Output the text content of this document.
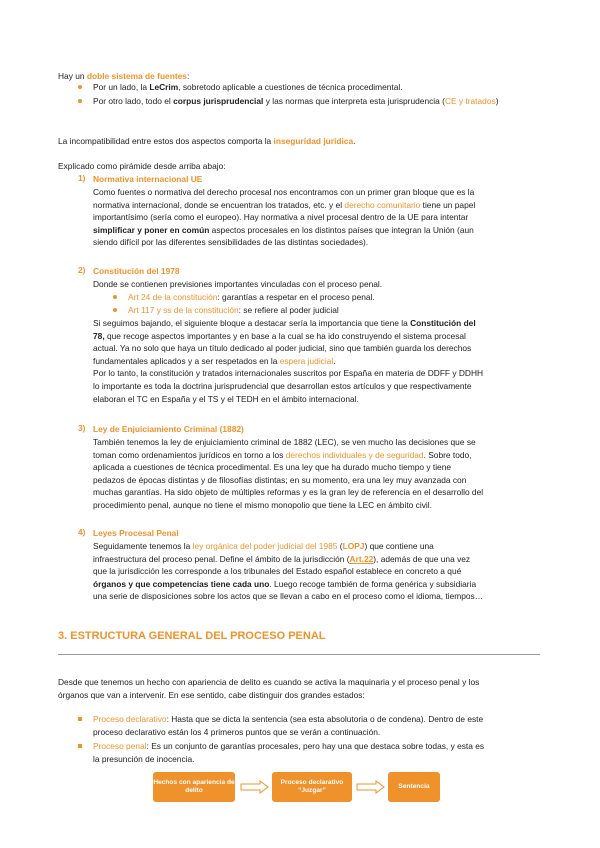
Hay un doble sistema de fuentes:

Por un lado, la LeCrim, sobretodo aplicable a cuestiones de técnica procedimental.

Por otro lado, todo el corpus jurisprudencial y las normas que interpreta esta jurisprudencia (CE y tratados)

La incompatibilidad entre estos dos aspectos comporta la inseguridad jurídica.

Explicado como pirámide desde arriba abajo:

1) Normativa internacional UE

Como fuentes o normativa del derecho procesal nos encontramos con un primer gran bloque que es la

normativa internacional, donde se encuentran los tratados, etc. y el derecho comunitario tiene un papel

importantísimo (sería como el europeo). Hay normativa a nivel procesal dentro de la UE para intentar

simplificar y poner en común aspectos procesales en los distintos países que integran la Unión (aun

siendo difícil por las diferentes sensibilidades de las distintas sociedades).

2) Constitución del 1978

Donde se contienen previsiones importantes vinculadas con el proceso penal.

Art 24 de la constitución: garantías a respetar en el proceso penal.

Art 117 y ss de la constitución: se refiere al poder judicial

Si seguimos bajando, el siguiente bloque a destacar sería la importancia que tiene la Constitución del

78, que recoge aspectos importantes y en base a la cual se ha ido construyendo el sistema procesal

actual. Ya no solo que haya un título dedicado al poder judicial, sino que también guarda los derechos

fundamentales aplicados y a ser respetados en la espera judicial.

Por lo tanto, la constitución y tratados internacionales suscritos por España en materia de DDFF y DDHH

lo importante es toda la doctrina jurisprudencial que desarrollan estos artículos y que respectivamente

elaboran el TC en España y el TS y el TEDH en el ámbito internacional.

3) Ley de Enjuiciamiento Criminal (1882)

También tenemos la ley de enjuiciamiento criminal de 1882 (LEC), se ven mucho las decisiones que se

toman como ordenamientos jurídicos en torno a los derechos individuales y de seguridad. Sobre todo,

aplicada a cuestiones de técnica procedimental. Es una ley que ha durado mucho tiempo y tiene

pedazos de épocas distintas y de filosofías distintas; en su momento, era una ley muy avanzada con

muchas garantías. Ha sido objeto de múltiples reformas y es la gran ley de referencia en el desarrollo del

procedimiento penal, aunque no tiene el mismo monopolio que tiene la LEC en ámbito civil.

4) Leyes Procesal Penal

Seguidamente tenemos la ley orgánica del poder judicial del 1985 (LOPJ) que contiene una

infraestructura del proceso penal. Define el ámbito de la jurisdicción (Art.22), además de que una vez

que la jurisdicción les corresponde a los tribunales del Estado español establece en concreto a qué

órganos y que competencias tiene cada uno. Luego recoge también de forma genérica y subsidiaria

una serie de disposiciones sobre los actos que se llevan a cabo en el proceso como el idioma, tiempos…

3. ESTRUCTURA GENERAL DEL PROCESO PENAL

Desde que tenemos un hecho con apariencia de delito es cuando se activa la maquinaria y el proceso penal y los

órganos que van a intervenir. En ese sentido, cabe distinguir dos grandes estados:

Proceso declarativo: Hasta que se dicta la sentencia (sea esta absolutoria o de condena). Dentro de este

proceso declarativo están los 4 primeros puntos que se verán a continuación.

Proceso penal: Es un conjunto de garantías procesales, pero hay una que destaca sobre todas, y esta es

la presunción de inocencia.

Hechos con apariencia de delito
Proceso declarativo “Juzgar”
Sentencia
